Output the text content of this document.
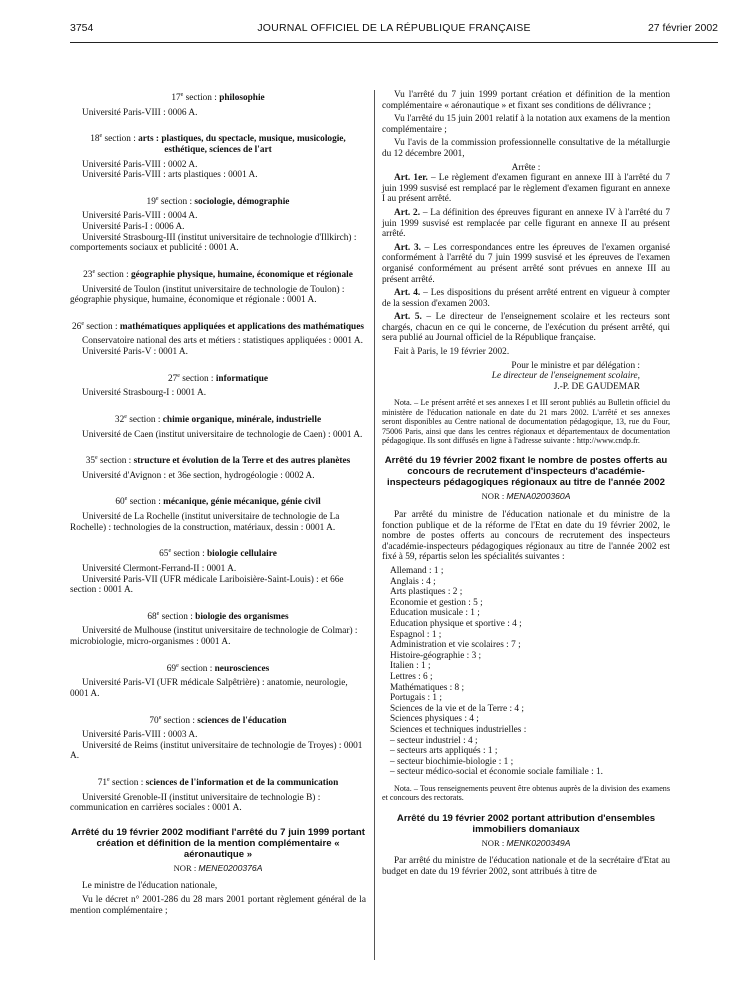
3754	JOURNAL OFFICIEL DE LA RÉPUBLIQUE FRANÇAISE	27 février 2002
17e section : philosophie
Université Paris-VIII : 0006 A.
18e section : arts : plastiques, du spectacle, musique, musicologie, esthétique, sciences de l'art
Université Paris-VIII : 0002 A.
Université Paris-VIII : arts plastiques : 0001 A.
19e section : sociologie, démographie
Université Paris-VIII : 0004 A.
Université Paris-I : 0006 A.
Université Strasbourg-III (institut universitaire de technologie d'Illkirch) : comportements sociaux et publicité : 0001 A.
23e section : géographie physique, humaine, économique et régionale
Université de Toulon (institut universitaire de technologie de Toulon) : géographie physique, humaine, économique et régionale : 0001 A.
26e section : mathématiques appliquées et applications des mathématiques
Conservatoire national des arts et métiers : statistiques appliquées : 0001 A.
Université Paris-V : 0001 A.
27e section : informatique
Université Strasbourg-I : 0001 A.
32e section : chimie organique, minérale, industrielle
Université de Caen (institut universitaire de technologie de Caen) : 0001 A.
35e section : structure et évolution de la Terre et des autres planètes
Université d'Avignon : et 36e section, hydrogéologie : 0002 A.
60e section : mécanique, génie mécanique, génie civil
Université de La Rochelle (institut universitaire de technologie de La Rochelle) : technologies de la construction, matériaux, dessin : 0001 A.
65e section : biologie cellulaire
Université Clermont-Ferrand-II : 0001 A.
Université Paris-VII (UFR médicale Lariboisière-Saint-Louis) : et 66e section : 0001 A.
68e section : biologie des organismes
Université de Mulhouse (institut universitaire de technologie de Colmar) : microbiologie, micro-organismes : 0001 A.
69e section : neurosciences
Université Paris-VI (UFR médicale Salpêtrière) : anatomie, neurologie, 0001 A.
70e section : sciences de l'éducation
Université Paris-VIII : 0003 A.
Université de Reims (institut universitaire de technologie de Troyes) : 0001 A.
71e section : sciences de l'information et de la communication
Université Grenoble-II (institut universitaire de technologie B) : communication en carrières sociales : 0001 A.
Arrêté du 19 février 2002 modifiant l'arrêté du 7 juin 1999 portant création et définition de la mention complémentaire « aéronautique »
NOR : MENE0200376A
Le ministre de l'éducation nationale,
Vu le décret n° 2001-286 du 28 mars 2001 portant règlement général de la mention complémentaire ;
Vu l'arrêté du 7 juin 1999 portant création et définition de la mention complémentaire « aéronautique » et fixant ses conditions de délivrance ;
Vu l'arrêté du 15 juin 2001 relatif à la notation aux examens de la mention complémentaire ;
Vu l'avis de la commission professionnelle consultative de la métallurgie du 12 décembre 2001,
Arrête :
Art. 1er. – Le règlement d'examen figurant en annexe III à l'arrêté du 7 juin 1999 susvisé est remplacé par le règlement d'examen figurant en annexe I au présent arrêté.
Art. 2. – La définition des épreuves figurant en annexe IV à l'arrêté du 7 juin 1999 susvisé est remplacée par celle figurant en annexe II au présent arrêté.
Art. 3. – Les correspondances entre les épreuves de l'examen organisé conformément à l'arrêté du 7 juin 1999 susvisé et les épreuves de l'examen organisé conformément au présent arrêté sont prévues en annexe III au présent arrêté.
Art. 4. – Les dispositions du présent arrêté entrent en vigueur à compter de la session d'examen 2003.
Art. 5. – Le directeur de l'enseignement scolaire et les recteurs sont chargés, chacun en ce qui le concerne, de l'exécution du présent arrêté, qui sera publié au Journal officiel de la République française.
Fait à Paris, le 19 février 2002.
Pour le ministre et par délégation :
Le directeur de l'enseignement scolaire,
J.-P. DE GAUDEMAR
Nota. – Le présent arrêté et ses annexes I et III seront publiés au Bulletin officiel du ministère de l'éducation nationale en date du 21 mars 2002. L'arrêté et ses annexes seront disponibles au Centre national de documentation pédagogique, 13, rue du Four, 75006 Paris, ainsi que dans les centres régionaux et départementaux de documentation pédagogique. Ils sont diffusés en ligne à l'adresse suivante : http://www.cndp.fr.
Arrêté du 19 février 2002 fixant le nombre de postes offerts au concours de recrutement d'inspecteurs d'académie-inspecteurs pédagogiques régionaux au titre de l'année 2002
NOR : MENA0200360A
Par arrêté du ministre de l'éducation nationale et du ministre de la fonction publique et de la réforme de l'Etat en date du 19 février 2002, le nombre de postes offerts au concours de recrutement des inspecteurs d'académie-inspecteurs pédagogiques régionaux au titre de l'année 2002 est fixé à 59, répartis selon les spécialités suivantes :
Allemand : 1 ;
Anglais : 4 ;
Arts plastiques : 2 ;
Economie et gestion : 5 ;
Education musicale : 1 ;
Education physique et sportive : 4 ;
Espagnol : 1 ;
Administration et vie scolaires : 7 ;
Histoire-géographie : 3 ;
Italien : 1 ;
Lettres : 6 ;
Mathématiques : 8 ;
Portugais : 1 ;
Sciences de la vie et de la Terre : 4 ;
Sciences physiques : 4 ;
Sciences et techniques industrielles :
– secteur industriel : 4 ;
– secteurs arts appliqués : 1 ;
– secteur biochimie-biologie : 1 ;
– secteur médico-social et économie sociale familiale : 1.
Nota. – Tous renseignements peuvent être obtenus auprès de la division des examens et concours des rectorats.
Arrêté du 19 février 2002 portant attribution d'ensembles immobiliers domaniaux
NOR : MENK0200349A
Par arrêté du ministre de l'éducation nationale et de la secrétaire d'Etat au budget en date du 19 février 2002, sont attribués à titre de
